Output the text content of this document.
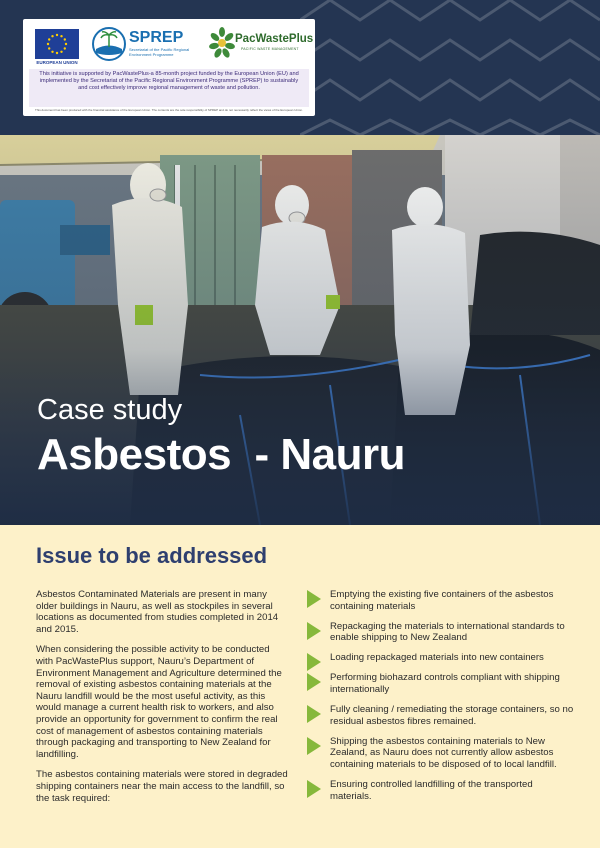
EUROPEAN UNION
SPREP
Secretariat of the Pacific Regional Environment Programme
PacWastePlus
PACIFIC WASTE MANAGEMENT
This initiative is supported by PacWastePlus-a 85-month project funded by the European Union (EU) and implemented by the Secretariat of the Pacific Regional Environment Programme (SPREP) to sustainably and cost effectively improve regional management of waste and pollution.
This document has been produced with the financial assistance of the European Union. The contents are the sole responsibility of SPREP and do not necessarily reflect the views of the European Union.
Case study
Asbestos  - Nauru
Issue to be addressed

Asbestos Contaminated Materials are present in many older buildings in Nauru, as well as stockpiles in several locations as documented from studies completed in 2014 and 2015.

When considering the possible activity to be conducted with PacWastePlus support, Nauru’s Department of Environment Management and Agriculture determined the removal of existing asbestos containing materials at the Nauru landfill would be the most useful activity, as this would manage a current health risk to workers, and also provide an opportunity for government to confirm the real cost of management of asbestos containing materials through packaging and transporting to New Zealand for landfilling.

The asbestos containing materials were stored in degraded shipping containers near the main access to the landfill, so the task required:

Emptying the existing five containers of the asbestos containing materials
Repackaging the materials to international standards to enable shipping to New Zealand
Loading repackaged materials into new containers
Performing biohazard controls compliant with shipping internationally
Fully cleaning / remediating the storage containers, so no residual asbestos fibres remained.
Shipping the asbestos containing materials to New Zealand, as Nauru does not currently allow asbestos containing materials to be disposed of to local landfill.
Ensuring controlled landfilling of the transported materials.
